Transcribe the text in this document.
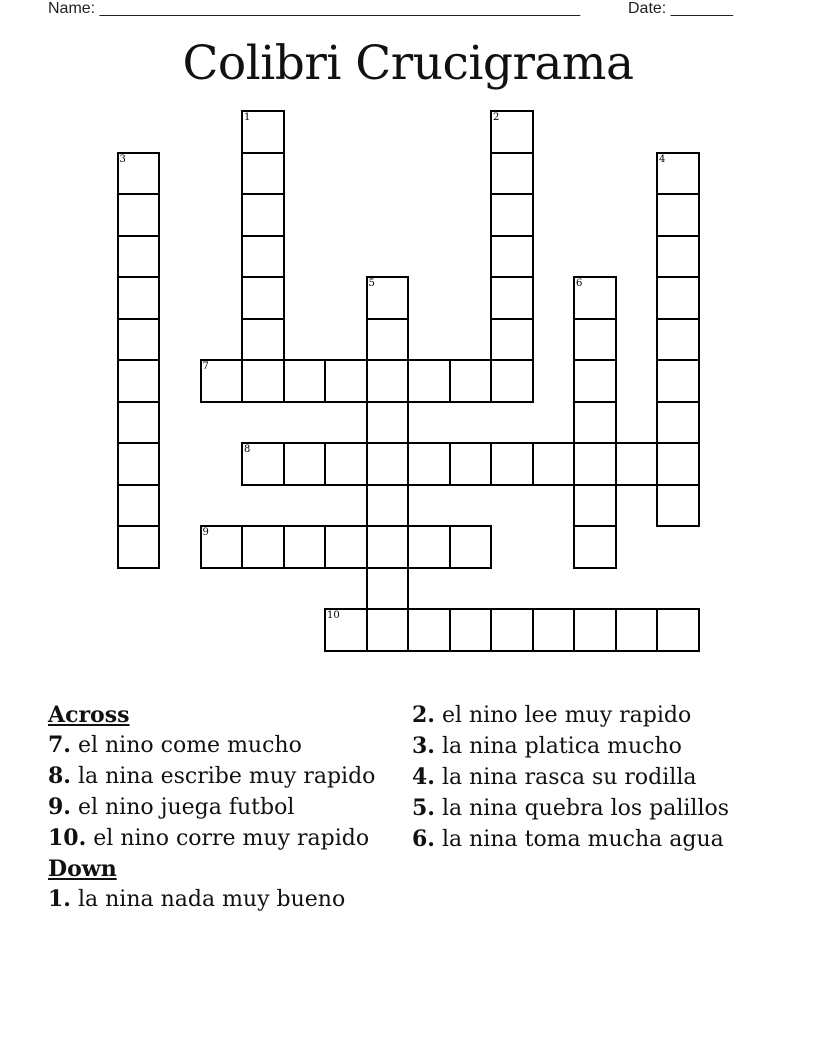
Name: ______________________________________________________	Date: _______
Colibri Crucigrama
7
8
9
10
1	2
3	4
5	6
Across
7. el nino come mucho
8. la nina escribe muy rapido
9. el nino juega futbol
10. el nino corre muy rapido
Down
1. la nina nada muy bueno
2. el nino lee muy rapido
3. la nina platica mucho
4. la nina rasca su rodilla
5. la nina quebra los palillos
6. la nina toma mucha agua
